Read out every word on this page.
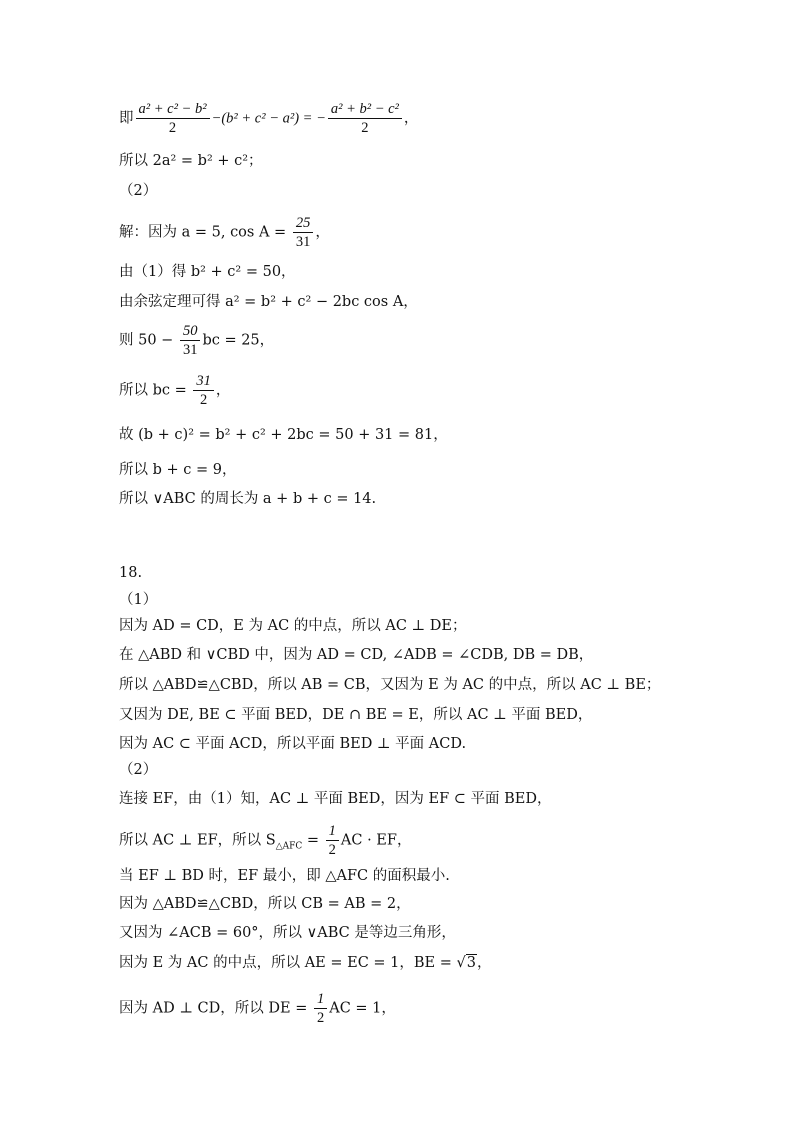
即 $\frac{\text{a² + c² − b²}}{2} -(b^2 + c^2 - a^2)$ = − $\frac{\text{a² + b² − c²}}{2}$ ，
所以 2a² = b² + c²；
（2）
解：因为 a = 5, $\cos A = \frac{25}{31}$ ，
由（1）得 b² + c² = 50，
由余弦定理可得 a² = b² + c² − 2bc cos A，
则 $50 - \frac{50}{31}$ bc = 25，
所以 bc = $\frac{31}{2}$ ，
故 (b + c)² = b² + c² + 2bc = 50 + 31 = 81，
所以 b + c = 9，
所以 ∨ABC 的周长为 a + b + c = 14.
18.
（1）
因为 AD = CD，E 为 AC 的中点，所以 AC ⊥ DE；
在 △ABD 和 ∨CBD 中，因为 AD = CD, ∠ADB = ∠CDB, DB = DB，
所以 △ABD≌△CBD，所以 AB = CB，又因为 E 为 AC 的中点，所以 AC ⊥ BE；
又因为 DE, BE ⊂ 平面 BED，DE ∩ BE = E，所以 AC ⊥ 平面 BED，
因为 AC ⊂ 平面 ACD，所以平面 BED ⊥ 平面 ACD.
（2）
连接 EF，由（1）知，AC ⊥ 平面 BED，因为 EF ⊂ 平面 BED，
所以 AC ⊥ EF，所以 $S_{\triangle AFC} = \frac{1}{2}$ AC · EF，
当 EF ⊥ BD 时，EF 最小，即 △AFC 的面积最小.
因为 △ABD≌△CBD，所以 CB = AB = 2，
又因为 ∠ACB = 60°，所以 ∨ABC 是等边三角形，
因为 E 为 AC 的中点，所以 AE = EC = 1，BE = √3，
因为 AD ⊥ CD，所以 DE = $\frac{1}{2}$ AC = 1，
